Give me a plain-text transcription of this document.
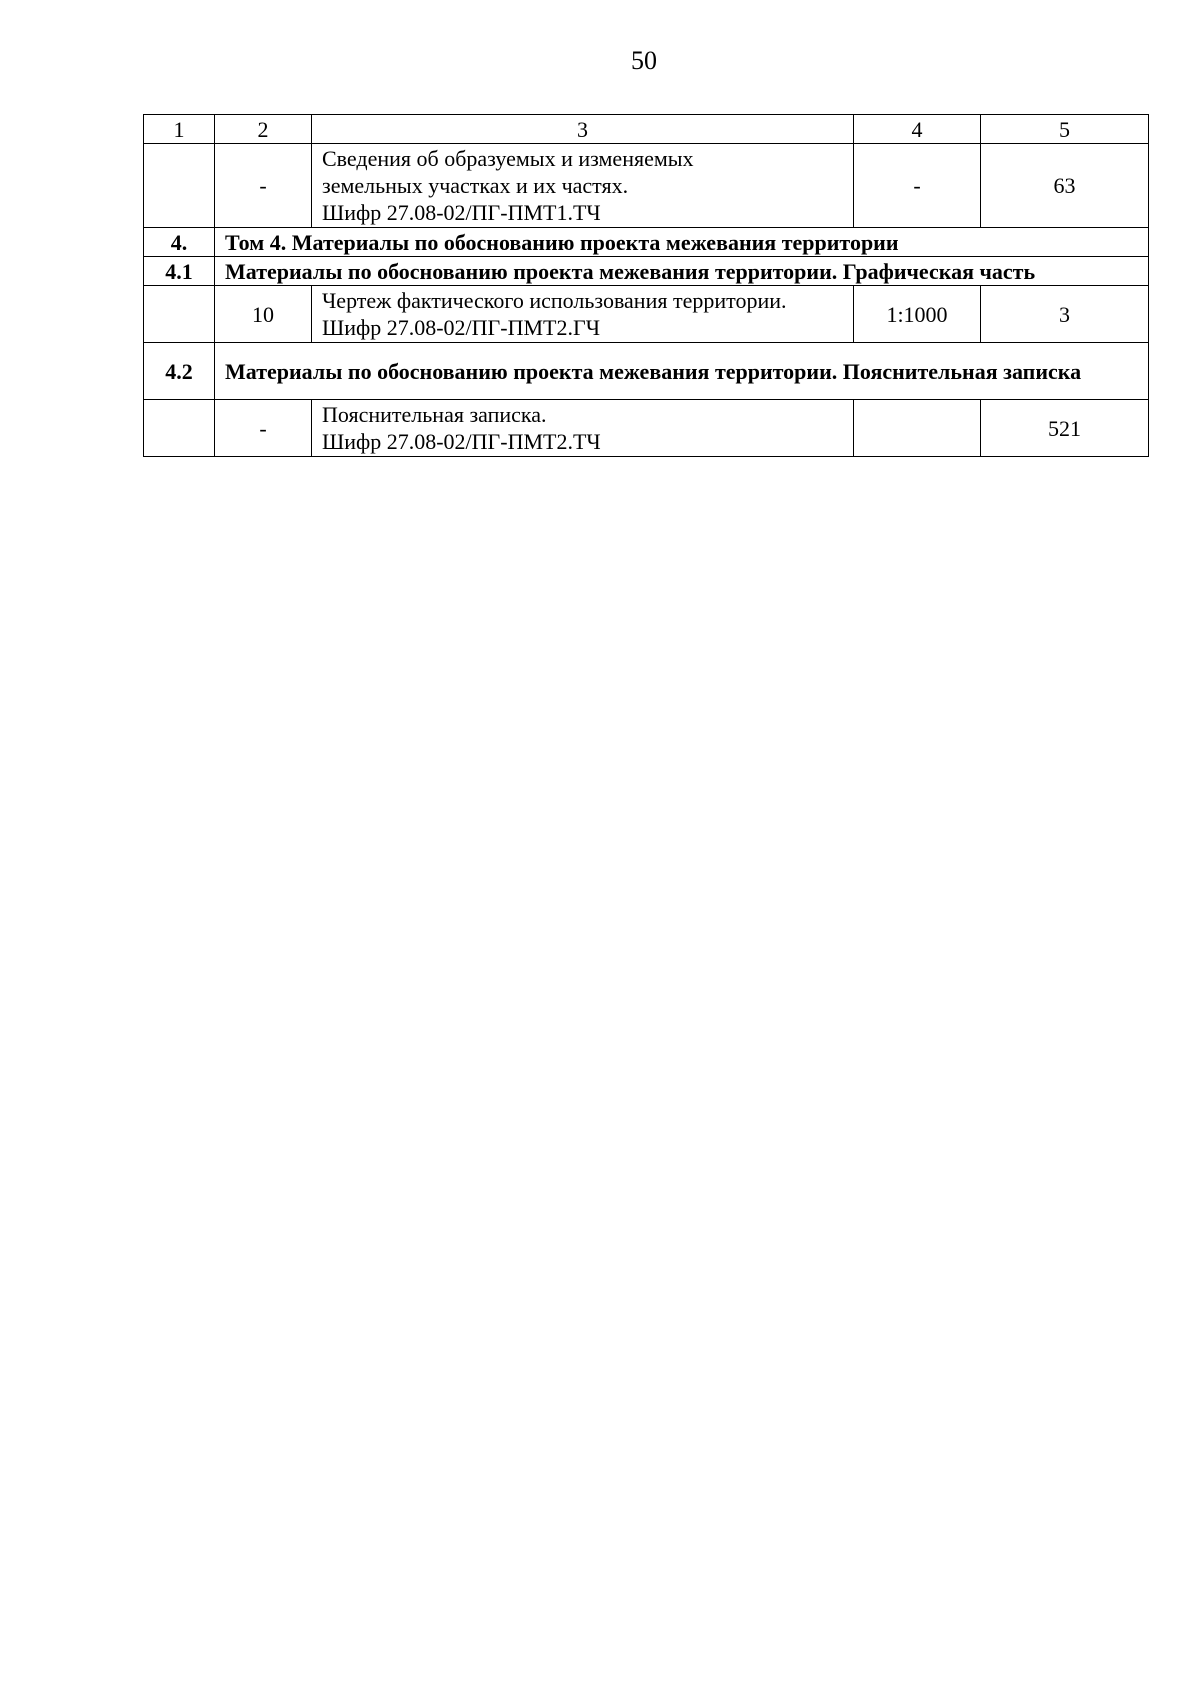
50
1	2	3	4	5
	-	Сведения об образуемых и изменяемых
земельных участках и их частях.
Шифр 27.08-02/ПГ-ПМТ1.ТЧ	-	63
4.	Том 4. Материалы по обоснованию проекта межевания территории			
4.1	Материалы по обоснованию проекта межевания территории. Графическая часть			
	10	Чертеж фактического использования территории.
Шифр 27.08-02/ПГ-ПМТ2.ГЧ	1:1000	3
4.2	Материалы по обоснованию проекта межевания территории. Пояснительная записка			
	-	Пояснительная записка.
Шифр 27.08-02/ПГ-ПМТ2.ТЧ		521
